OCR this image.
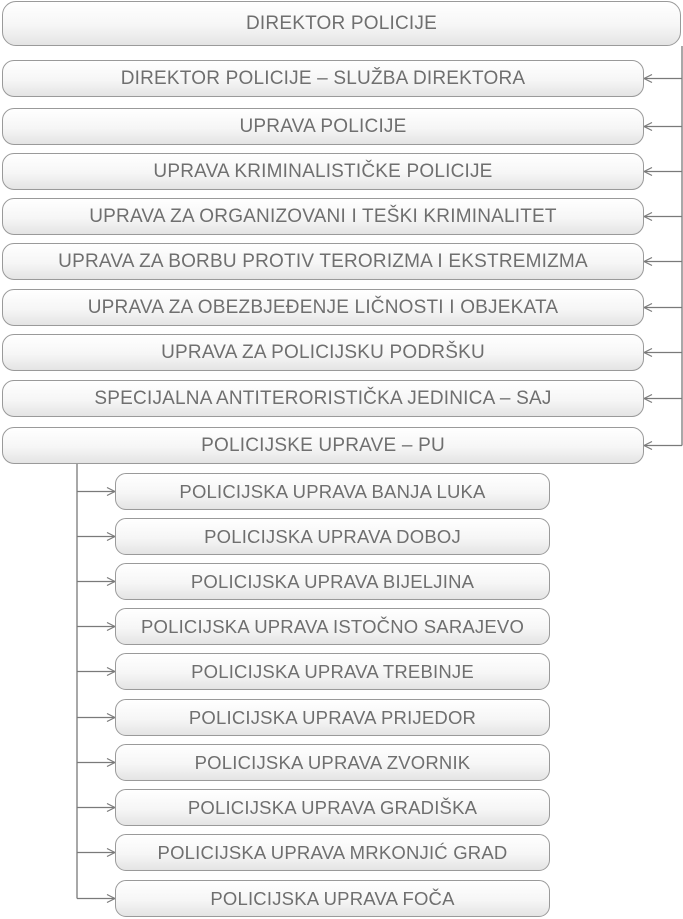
DIREKTOR POLICIJE
DIREKTOR POLICIJE – SLUŽBA DIREKTORA
UPRAVA POLICIJE
UPRAVA KRIMINALISTIČKE POLICIJE
UPRAVA ZA ORGANIZOVANI I TEŠKI KRIMINALITET
UPRAVA ZA BORBU PROTIV TERORIZMA I EKSTREMIZMA
UPRAVA ZA OBEZBJEĐENJE LIČNOSTI I OBJEKATA
UPRAVA ZA POLICIJSKU PODRŠKU
SPECIJALNA ANTITERORISTIČKA JEDINICA – SAJ
POLICIJSKE UPRAVE – PU
POLICIJSKA UPRAVA BANJA LUKA
POLICIJSKA UPRAVA DOBOJ
POLICIJSKA UPRAVA BIJELJINA
POLICIJSKA UPRAVA ISTOČNO SARAJEVO
POLICIJSKA UPRAVA TREBINJE
POLICIJSKA UPRAVA PRIJEDOR
POLICIJSKA UPRAVA ZVORNIK
POLICIJSKA UPRAVA GRADIŠKA
POLICIJSKA UPRAVA MRKONJIĆ GRAD
POLICIJSKA UPRAVA FOČA
